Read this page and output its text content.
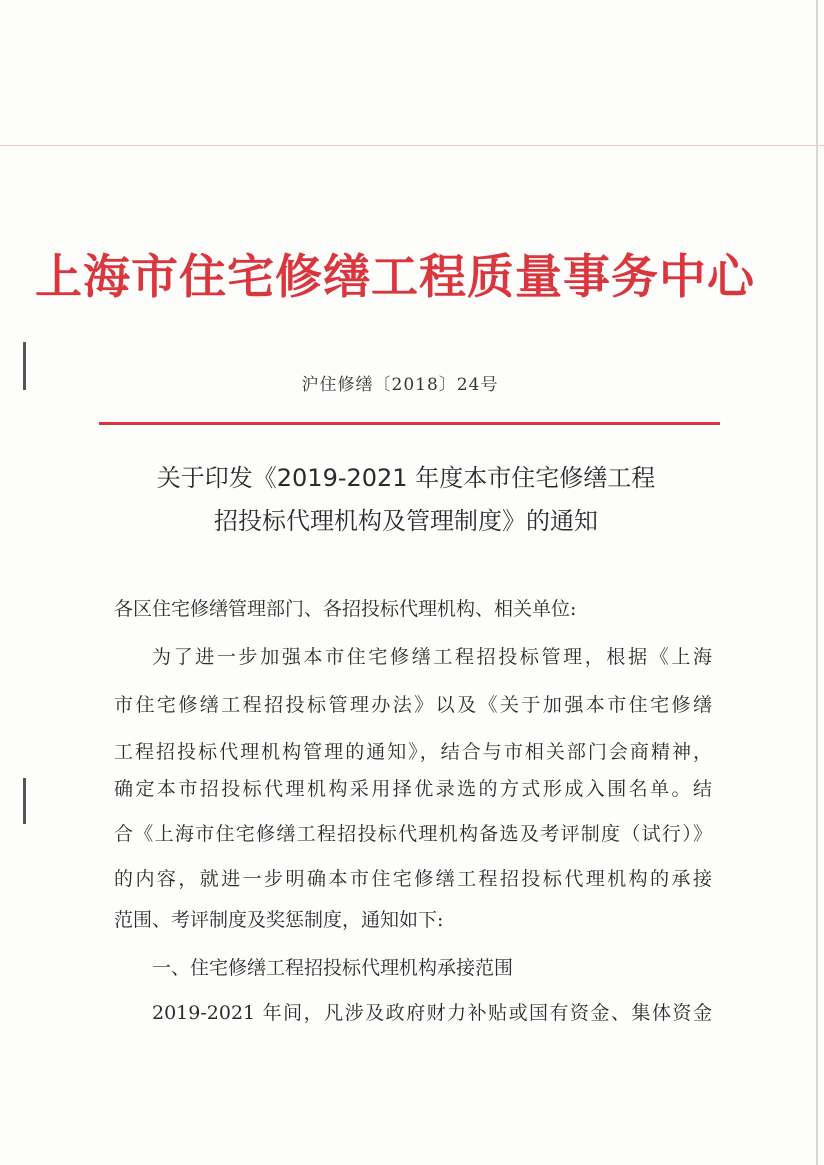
上海市住宅修缮工程质量事务中心
沪住修缮〔2018〕24号
关于印发《2019-2021 年度本市住宅修缮工程
招投标代理机构及管理制度》的通知
各区住宅修缮管理部门、各招投标代理机构、相关单位:
为了进一步加强本市住宅修缮工程招投标管理，根据《上海
市住宅修缮工程招投标管理办法》以及《关于加强本市住宅修缮
工程招投标代理机构管理的通知》，结合与市相关部门会商精神，
确定本市招投标代理机构采用择优录选的方式形成入围名单。结
合《上海市住宅修缮工程招投标代理机构备选及考评制度（试行）》
的内容，就进一步明确本市住宅修缮工程招投标代理机构的承接
范围、考评制度及奖惩制度，通知如下:
一、住宅修缮工程招投标代理机构承接范围
2019-2021 年间，凡涉及政府财力补贴或国有资金、集体资金
